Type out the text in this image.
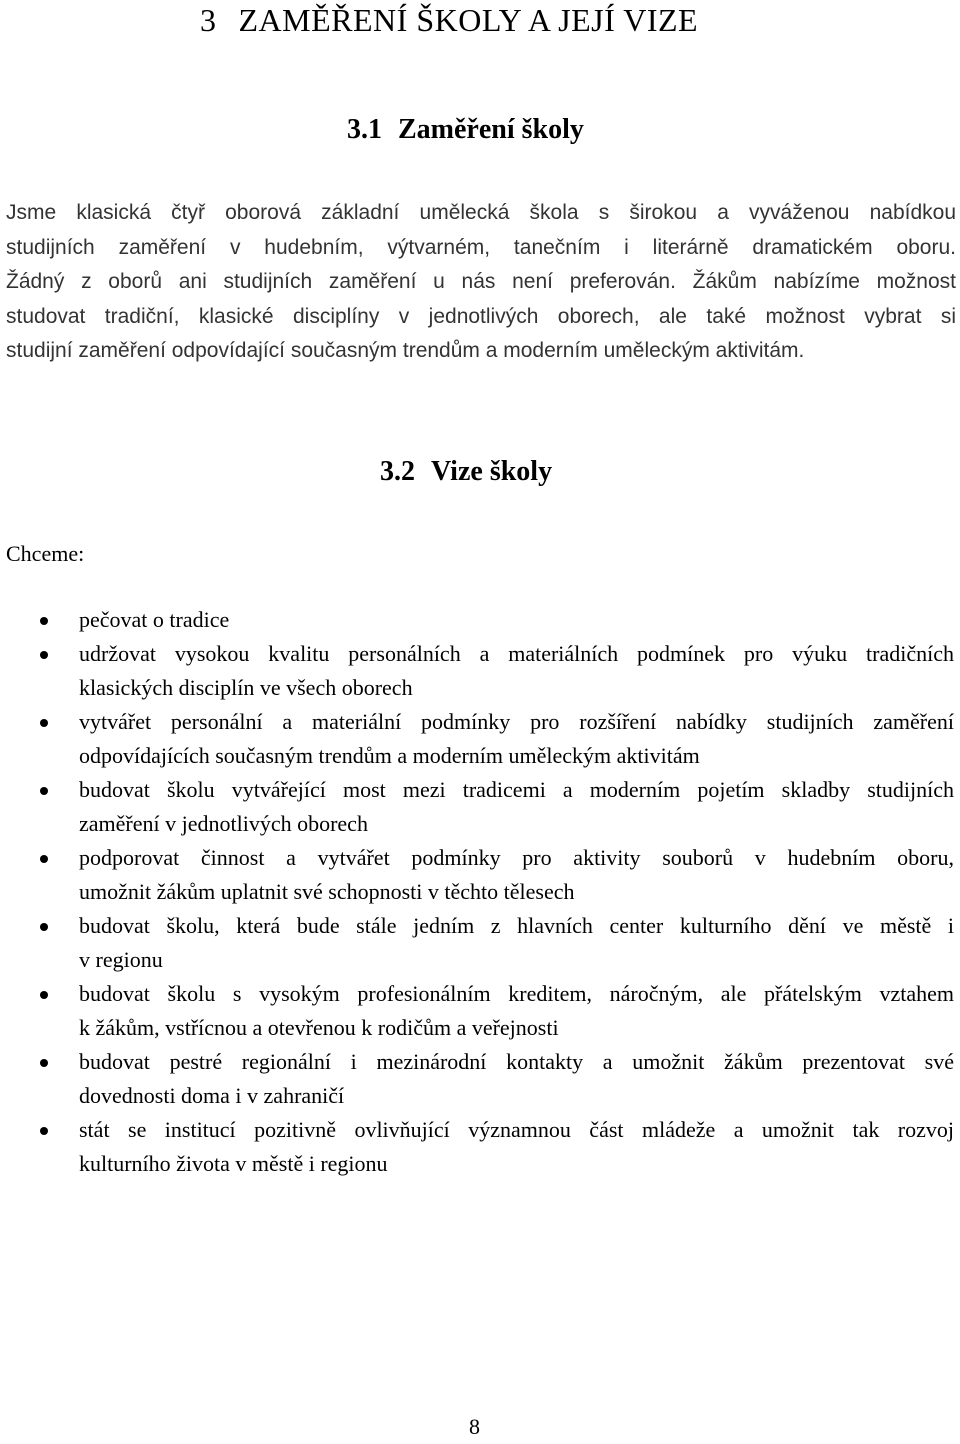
3 ZAMĚŘENÍ ŠKOLY A JEJÍ VIZE
3.1 Zaměření školy

Jsme klasická čtyř oborová základní umělecká škola s širokou a vyváženou nabídkou
studijních zaměření v hudebním, výtvarném, tanečním i literárně dramatickém oboru.
Žádný z oborů ani studijních zaměření u nás není preferován. Žákům nabízíme možnost
studovat tradiční, klasické disciplíny v jednotlivých oborech, ale také možnost vybrat si
studijní zaměření odpovídající současným trendům a moderním uměleckým aktivitám.

3.2 Vize školy

Chceme:

pečovat o tradice
udržovat vysokou kvalitu personálních a materiálních podmínek pro výuku tradičních
klasických disciplín ve všech oborech
vytvářet personální a materiální podmínky pro rozšíření nabídky studijních zaměření
odpovídajících současným trendům a moderním uměleckým aktivitám
budovat školu vytvářející most mezi tradicemi a moderním pojetím skladby studijních
zaměření v jednotlivých oborech
podporovat činnost a vytvářet podmínky pro aktivity souborů v hudebním oboru,
umožnit žákům uplatnit své schopnosti v těchto tělesech
budovat školu, která bude stále jedním z hlavních center kulturního dění ve městě i
v regionu
budovat školu s vysokým profesionálním kreditem, náročným, ale přátelským vztahem
k žákům, vstřícnou a otevřenou k rodičům a veřejnosti
budovat pestré regionální i mezinárodní kontakty a umožnit žákům prezentovat své
dovednosti doma i v zahraničí
stát se institucí pozitivně ovlivňující významnou část mládeže a umožnit tak rozvoj
kulturního života v městě i regionu
8
